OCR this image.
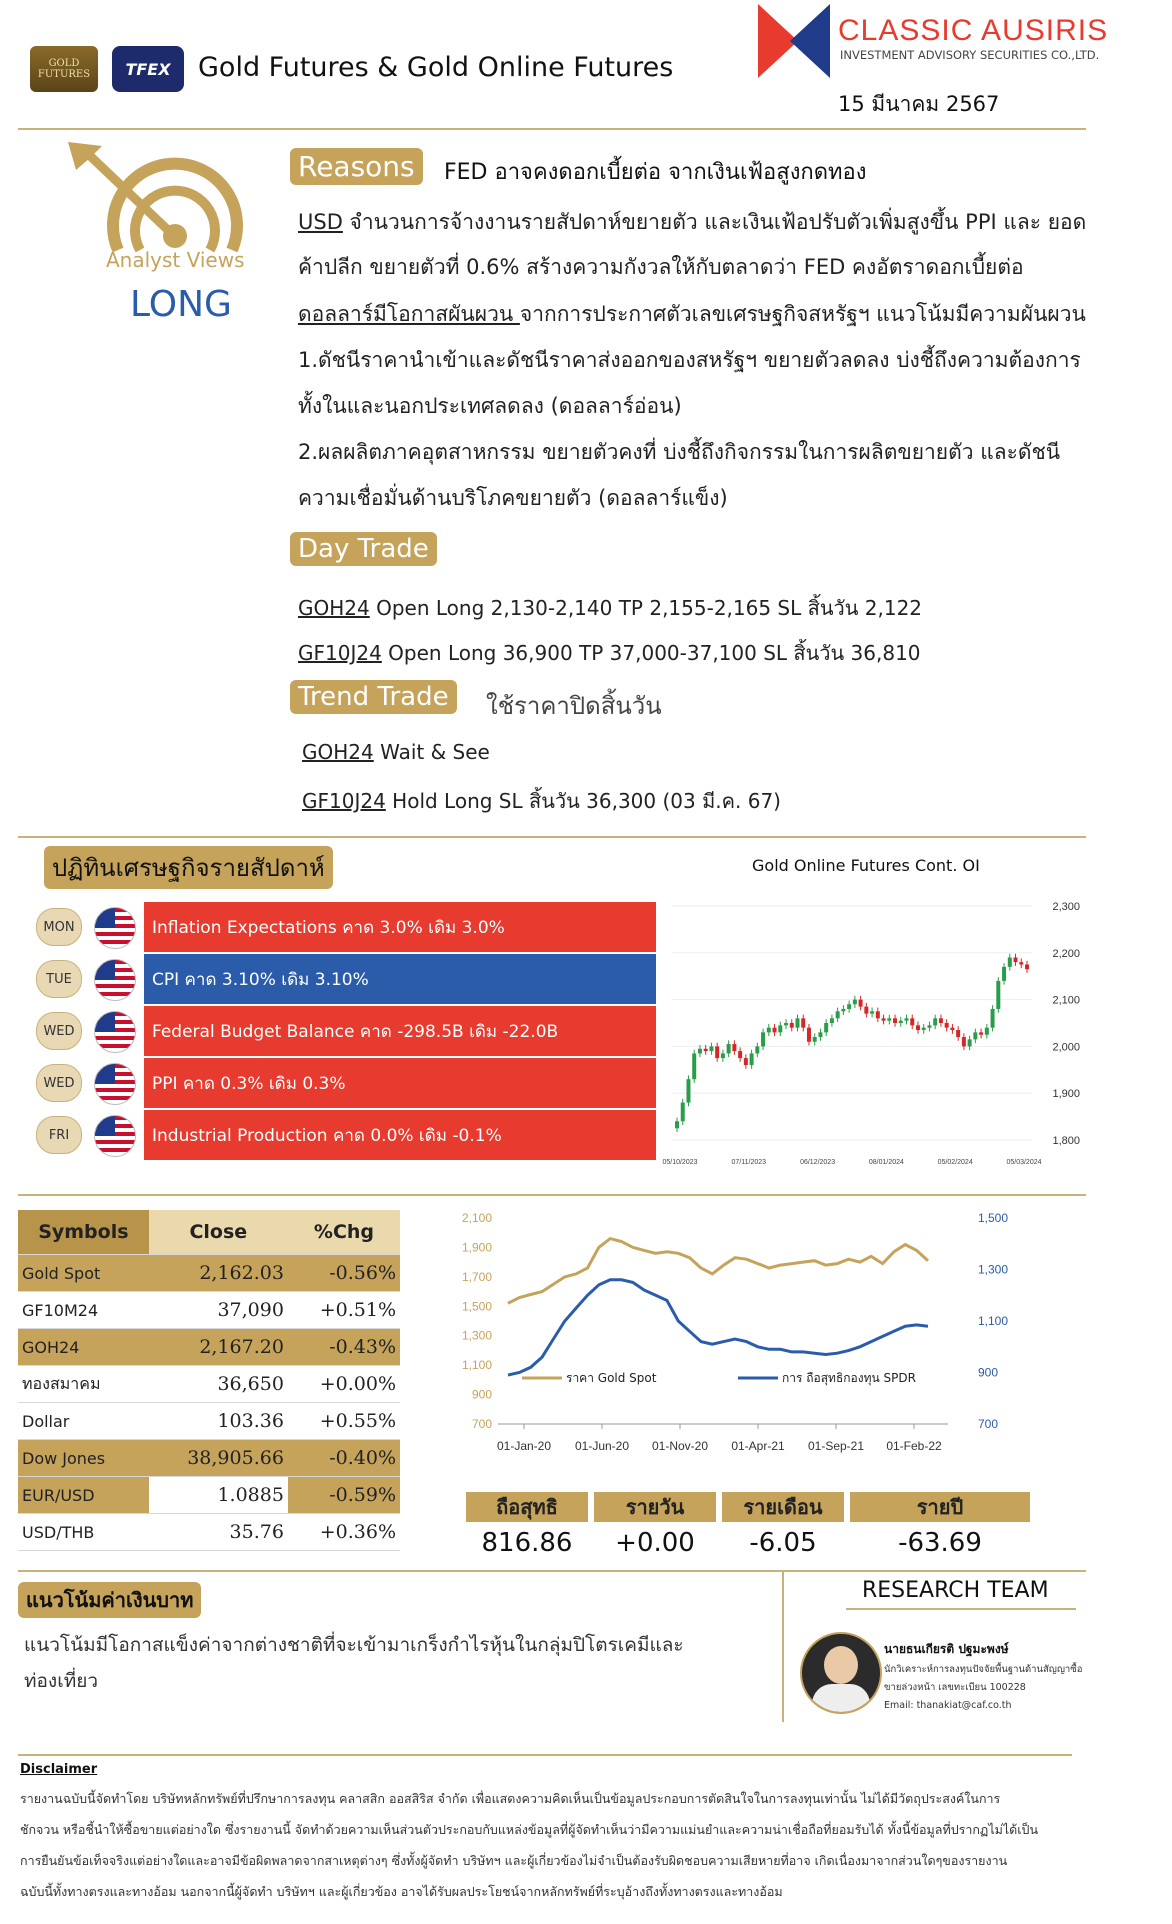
GOLD FUTURES	TFEX Gold Futures & Gold Online Futures
CLASSIC AUSIRIS
INVESTMENT ADVISORY SECURITIES CO.,LTD.
15 มีนาคม 2567
Analyst Views
LONG
Reasons	FED อาจคงดอกเบี้ยต่อ จากเงินเฟ้อสูงกดทอง
USD จำนวนการจ้างงานรายสัปดาห์ขยายตัว และเงินเฟ้อปรับตัวเพิ่มสูงขึ้น PPI และ ยอด
ค้าปลีก ขยายตัวที่ 0.6% สร้างความกังวลให้กับตลาดว่า FED คงอัตราดอกเบี้ยต่อ
ดอลลาร์มีโอกาสผันผวน จากการประกาศตัวเลขเศรษฐกิจสหรัฐฯ แนวโน้มมีความผันผวน
1.ดัชนีราคานำเข้าและดัชนีราคาส่งออกของสหรัฐฯ ขยายตัวลดลง บ่งชี้ถึงความต้องการ
ทั้งในและนอกประเทศลดลง (ดอลลาร์อ่อน)
2.ผลผลิตภาคอุตสาหกรรม ขยายตัวคงที่ บ่งชี้ถึงกิจกรรมในการผลิตขยายตัว และดัชนี
ความเชื่อมั่นด้านบริโภคขยายตัว (ดอลลาร์แข็ง)
Day Trade
GOH24 Open Long 2,130-2,140 TP 2,155-2,165 SL สิ้นวัน 2,122
GF10J24 Open Long 36,900 TP 37,000-37,100 SL สิ้นวัน 36,810
Trend Trade	ใช้ราคาปิดสิ้นวัน
GOH24 Wait & See
GF10J24 Hold Long SL สิ้นวัน 36,300 (03 มี.ค. 67)
ปฏิทินเศรษฐกิจรายสัปดาห์
MON	Inflation Expectations คาด 3.0% เดิม 3.0%
TUE	CPI คาด 3.10% เดิม 3.10%
WED	Federal Budget Balance คาด -298.5B เดิม -22.0B
WED	PPI คาด 0.3% เดิม 0.3%
FRI	Industrial Production คาด 0.0% เดิม -0.1%
Gold Online Futures Cont. OI
2,300
2,200
2,100
2,000
1,900
1,800
05/10/2023	07/11/2023	06/12/2023	08/01/2024	05/02/2024	05/03/2024
Symbols	Close	%Chg
Gold Spot	2,162.03	-0.56%
GF10M24	37,090	+0.51%
GOH24	2,167.20	-0.43%
ทองสมาคม	36,650	+0.00%
Dollar	103.36	+0.55%
Dow Jones	38,905.66	-0.40%
EUR/USD	1.0885	-0.59%
USD/THB	35.76	+0.36%
2,100
1,900
1,700
1,500
1,300
1,100
900
700
1,500
1,300
1,100
900
700
01-Jan-20 01-Jun-20 01-Nov-20 01-Apr-21 01-Sep-21 01-Feb-22
ราคา Gold Spot	การ ถือสุทธิกองทุน SPDR
ถือสุทธิ	รายวัน	รายเดือน	รายปี
816.86	+0.00	-6.05	-63.69
แนวโน้มค่าเงินบาท
แนวโน้มมีโอกาสแข็งค่าจากต่างชาติที่จะเข้ามาเกร็งกำไรหุ้นในกลุ่มปิโตรเคมีและ
ท่องเที่ยว
RESEARCH TEAM
นายธนเกียรติ ปฐมะพงษ์
นักวิเคราะห์การลงทุนปัจจัยพื้นฐานด้านสัญญาซื้อ
ขายล่วงหน้า เลขทะเบียน 100228
Email: thanakiat@caf.co.th
Disclaimer
รายงานฉบับนี้จัดทำโดย บริษัทหลักทรัพย์ที่ปรึกษาการลงทุน คลาสสิก ออสสิริส จำกัด เพื่อแสดงความคิดเห็นเป็นข้อมูลประกอบการตัดสินใจในการลงทุนเท่านั้น ไม่ได้มีวัตถุประสงค์ในการ
ชักจวน หรือชี้นำให้ซื้อขายแต่อย่างใด ซึ่งรายงานนี้ จัดทำด้วยความเห็นส่วนตัวประกอบกับแหล่งข้อมูลที่ผู้จัดทำเห็นว่ามีความแม่นยำและความน่าเชื่อถือที่ยอมรับได้ ทั้งนี้ข้อมูลที่ปรากฏไม่ได้เป็น
การยืนยันข้อเท็จจริงแต่อย่างใดและอาจมีข้อผิดพลาดจากสาเหตุต่างๆ ซึ่งทั้งผู้จัดทำ บริษัทฯ และผู้เกี่ยวข้องไม่จำเป็นต้องรับผิดชอบความเสียหายที่อาจ เกิดเนื่องมาจากส่วนใดๆของรายงาน
ฉบับนี้ทั้งทางตรงและทางอ้อม นอกจากนี้ผู้จัดทำ บริษัทฯ และผู้เกี่ยวข้อง อาจได้รับผลประโยชน์จากหลักทรัพย์ที่ระบุอ้างถึงทั้งทางตรงและทางอ้อม
